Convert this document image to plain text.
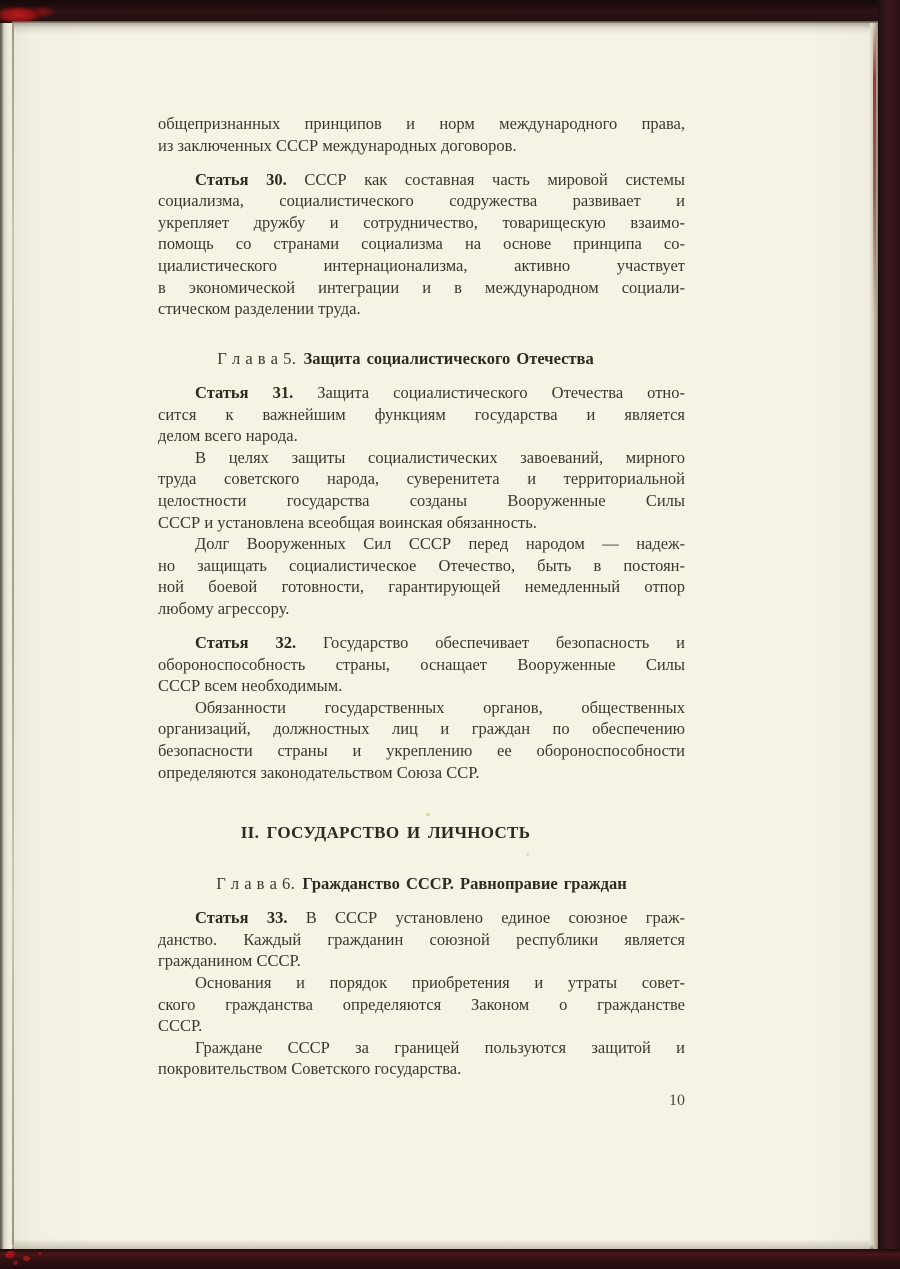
общепризнанных принципов и норм международного права,
из заключенных СССР международных договоров.
Статья 30. СССР как составная часть мировой системы
социализма, социалистического содружества развивает и
укрепляет дружбу и сотрудничество, товарищескую взаимо-
помощь со странами социализма на основе принципа со-
циалистического интернационализма, активно участвует
в экономической интеграции и в международном социали-
стическом разделении труда.
Г л а в а 5. Защита социалистического Отечества
Статья 31. Защита социалистического Отечества отно-
сится к важнейшим функциям государства и является
делом всего народа.
В целях защиты социалистических завоеваний, мирного
труда советского народа, суверенитета и территориальной
целостности государства созданы Вооруженные Силы
СССР и установлена всеобщая воинская обязанность.
Долг Вооруженных Сил СССР перед народом — надеж-
но защищать социалистическое Отечество, быть в постоян-
ной боевой готовности, гарантирующей немедленный отпор
любому агрессору.
Статья 32. Государство обеспечивает безопасность и
обороноспособность страны, оснащает Вооруженные Силы
СССР всем необходимым.
Обязанности государственных органов, общественных
организаций, должностных лиц и граждан по обеспечению
безопасности страны и укреплению ее обороноспособности
определяются законодательством Союза ССР.
II. ГОСУДАРСТВО И ЛИЧНОСТЬ
Г л а в а 6. Гражданство СССР. Равноправие граждан
Статья 33. В СССР установлено единое союзное граж-
данство. Каждый гражданин союзной республики является
гражданином СССР.
Основания и порядок приобретения и утраты совет-
ского гражданства определяются Законом о гражданстве
СССР.
Граждане СССР за границей пользуются защитой и
покровительством Советского государства.
10
